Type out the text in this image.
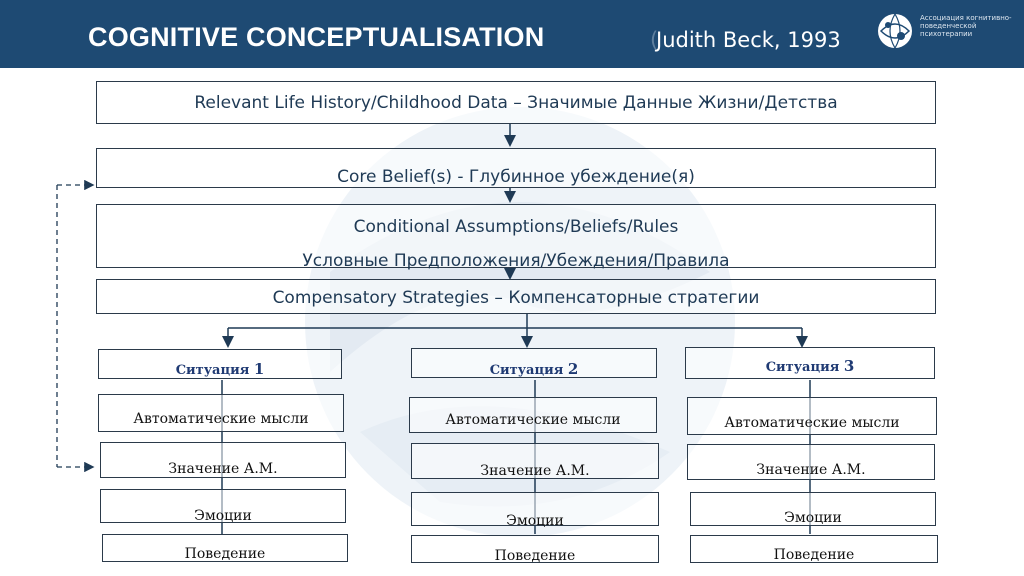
COGNITIVE CONCEPTUALISATION	(
Judith Beck, 1993
Ассоциация когнитивно-поведенческой психотерапии
Relevant Life History/Childhood Data – Значимые Данные Жизни/Детства
Core Belief(s) - Глубинное убеждение(я)
Conditional Assumptions/Beliefs/Rules
Условные Предположения/Убеждения/Правила
Compensatory Strategies – Компенсаторные стратегии
Ситуация 1
Автоматические мысли
Значение А.М.
Эмоции
Поведение
Ситуация 2
Автоматические мысли
Значение А.М.
Эмоции
Поведение
Ситуация 3
Автоматические мысли
Значение А.М.
Эмоции
Поведение
